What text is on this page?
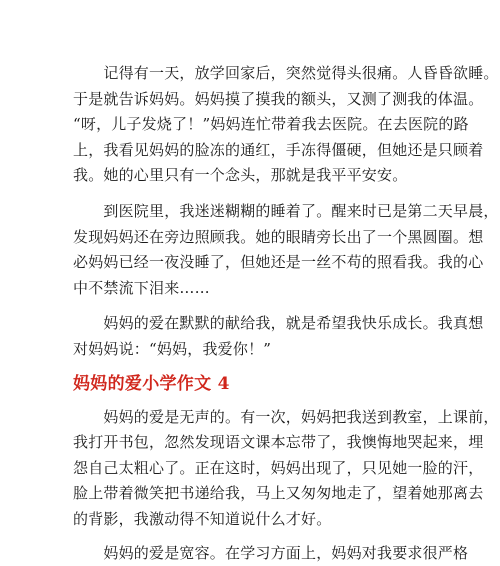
　　记得有一天，放学回家后，突然觉得头很痛。人昏昏欲睡。
于是就告诉妈妈。妈妈摸了摸我的额头，又测了测我的体温。
“呀，儿子发烧了！”妈妈连忙带着我去医院。在去医院的路
上，我看见妈妈的脸冻的通红，手冻得僵硬，但她还是只顾着
我。她的心里只有一个念头，那就是我平平安安。

　　到医院里，我迷迷糊糊的睡着了。醒来时已是第二天早晨，
发现妈妈还在旁边照顾我。她的眼睛旁长出了一个黑圆圈。想
必妈妈已经一夜没睡了，但她还是一丝不苟的照看我。我的心
中不禁流下泪来……

　　妈妈的爱在默默的献给我，就是希望我快乐成长。我真想
对妈妈说：“妈妈，我爱你！”

妈妈的爱小学作文 4

　　妈妈的爱是无声的。有一次，妈妈把我送到教室，上课前，
我打开书包，忽然发现语文课本忘带了，我懊悔地哭起来，埋
怨自己太粗心了。正在这时，妈妈出现了，只见她一脸的汗，
脸上带着微笑把书递给我，马上又匆匆地走了，望着她那离去
的背影，我激动得不知道说什么才好。

　　妈妈的爱是宽容。在学习方面上，妈妈对我要求很严格
